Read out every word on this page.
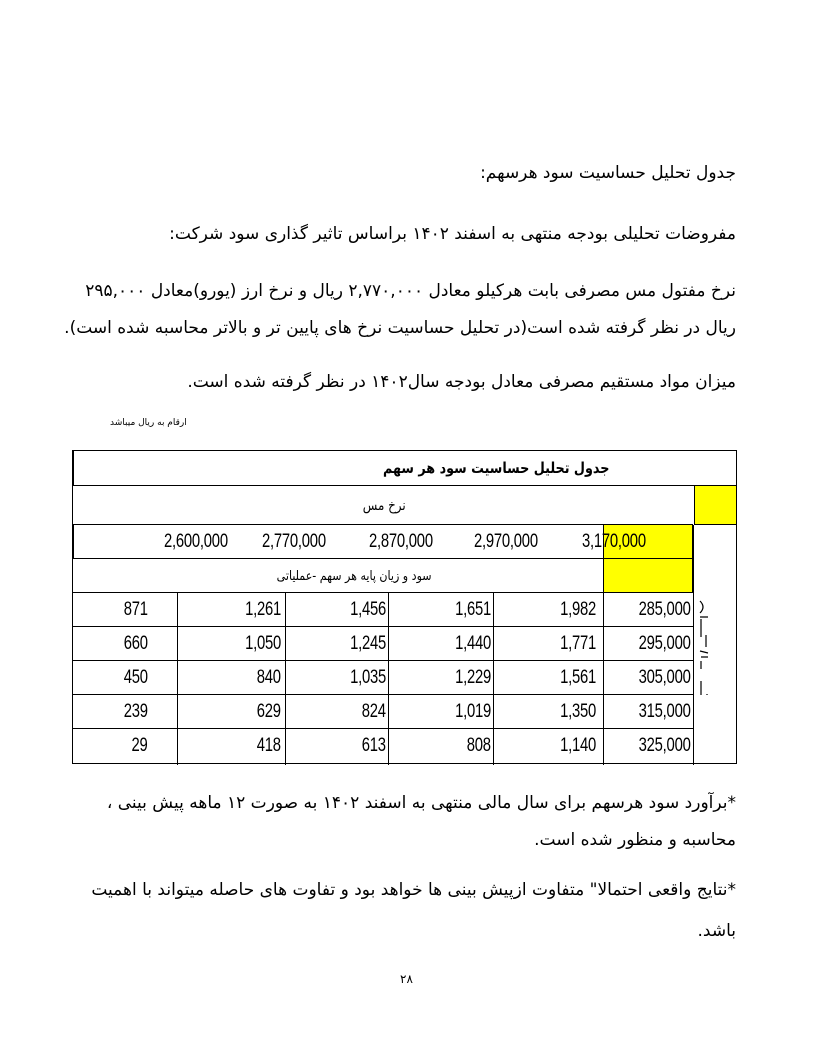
جدول تحلیل حساسیت سود هرسهم:
مفروضات تحلیلی بودجه منتهی به اسفند ۱۴۰۲ براساس تاثیر گذاری سود شرکت:
نرخ مفتول مس مصرفی بابت هرکیلو معادل ۲,۷۷۰,۰۰۰ ریال و نرخ ارز (یورو)معادل ۲۹۵,۰۰۰
ریال در نظر گرفته شده است(در تحلیل حساسیت نرخ های پایین تر و بالاتر محاسبه شده است).
میزان مواد مستقیم مصرفی معادل بودجه سال۱۴۰۲ در نظر گرفته شده است.
ارقام به ریال میباشد
جدول تحلیل حساسیت سود هر سهم
نرخ مس
2,600,000 2,770,000 2,870,000 2,970,000 3,170,000
سود و زیان پایه هر سهم -عملیاتی
285,000
1,982
1,651
1,456
1,261
871
295,000
1,771
1,440
1,245
1,050
660
305,000
1,561
1,229
1,035
840
450
315,000
1,350
1,019
824
629
239
325,000
1,140
808
613
418
29
*برآورد سود هرسهم برای سال مالی منتهی به اسفند ۱۴۰۲ به صورت ۱۲ ماهه پیش بینی ،
محاسبه و منظور شده است.
*نتایج واقعی احتمالا" متفاوت ازپیش بینی ها خواهد بود و تفاوت های حاصله میتواند با اهمیت
باشد.
۲۸
